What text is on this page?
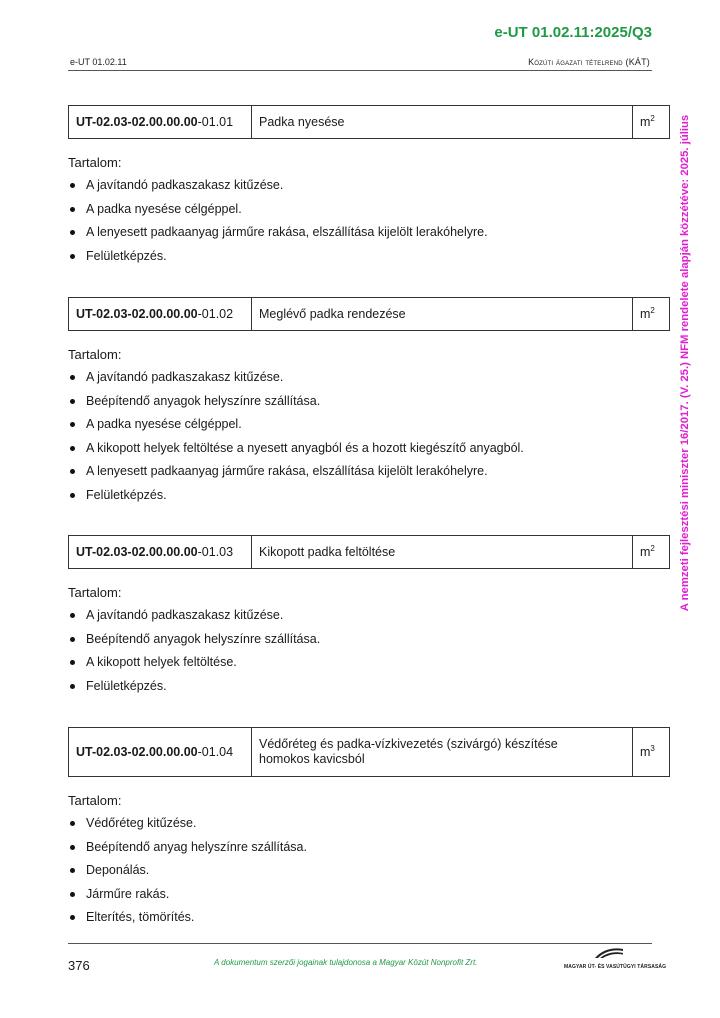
e-UT 01.02.11:2025/Q3
e-UT 01.02.11	Közúti ágazati tételrend (KÁT)
A nemzeti fejlesztési miniszter 16/2017. (V. 25.) NFM rendelete alapján közzétéve: 2025. július
UT-02.03-02.00.00.00-01.01	Padka nyesése	$m^2$
Tartalom:
A javítandó padkaszakasz kitűzése.
A padka nyesése célgéppel.
A lenyesett padkaanyag járműre rakása, elszállítása kijelölt lerakóhelyre.
Felületképzés.
UT-02.03-02.00.00.00-01.02	Meglévő padka rendezése	$m^2$
Tartalom:
A javítandó padkaszakasz kitűzése.
Beépítendő anyagok helyszínre szállítása.
A padka nyesése célgéppel.
A kikopott helyek feltöltése a nyesett anyagból és a hozott kiegészítő anyagból.
A lenyesett padkaanyag járműre rakása, elszállítása kijelölt lerakóhelyre.
Felületképzés.
UT-02.03-02.00.00.00-01.03	Kikopott padka feltöltése	$m^2$
Tartalom:
A javítandó padkaszakasz kitűzése.
Beépítendő anyagok helyszínre szállítása.
A kikopott helyek feltöltése.
Felületképzés.
UT-02.03-02.00.00.00-01.04	Védőréteg és padka-vízkivezetés (szivárgó) készítése homokos kavicsból	$m^3$
Tartalom:
Védőréteg kitűzése.
Beépítendő anyag helyszínre szállítása.
Deponálás.
Járműre rakás.
Elterítés, tömörítés.
376	A dokumentum szerzői jogainak tulajdonosa a Magyar Közút Nonprofit Zrt.	MAGYAR ÚT- ÉS VASÚTÜGYI TÁRSASÁG
